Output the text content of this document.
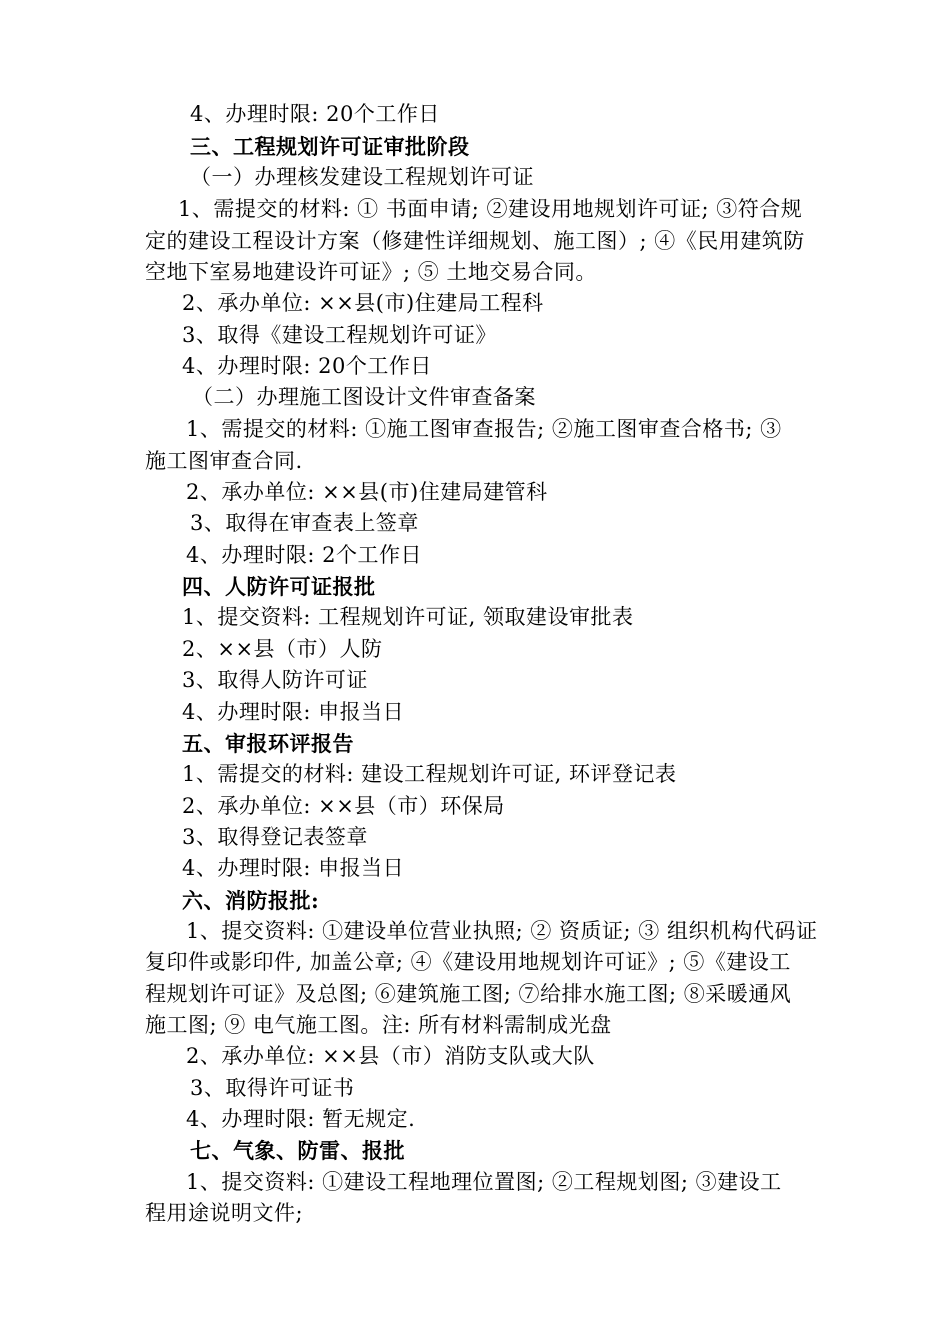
4、办理时限: 20个工作日
三、工程规划许可证审批阶段
（一）办理核发建设工程规划许可证
1、需提交的材料: ① 书面申请; ②建设用地规划许可证; ③符合规
定的建设工程设计方案（修建性详细规划、施工图）; ④《民用建筑防
空地下室易地建设许可证》; ⑤ 土地交易合同。
2、承办单位: ××县(市)住建局工程科
3、取得《建设工程规划许可证》
4、办理时限: 20个工作日
（二）办理施工图设计文件审查备案
1、需提交的材料: ①施工图审查报告; ②施工图审查合格书; ③
施工图审查合同.
2、承办单位: ××县(市)住建局建管科
3、取得在审查表上签章
4、办理时限: 2个工作日
四、人防许可证报批
1、提交资料: 工程规划许可证, 领取建设审批表
2、××县（市）人防
3、取得人防许可证
4、办理时限: 申报当日
五、审报环评报告
1、需提交的材料: 建设工程规划许可证, 环评登记表
2、承办单位: ××县（市）环保局
3、取得登记表签章
4、办理时限: 申报当日
六、消防报批:
1、提交资料: ①建设单位营业执照; ② 资质证; ③ 组织机构代码证
复印件或影印件, 加盖公章; ④《建设用地规划许可证》; ⑤《建设工
程规划许可证》及总图; ⑥建筑施工图; ⑦给排水施工图; ⑧采暖通风
施工图; ⑨ 电气施工图。注: 所有材料需制成光盘
2、承办单位: ××县（市）消防支队或大队
3、取得许可证书
4、办理时限: 暂无规定.
七、气象、防雷、报批
1、提交资料: ①建设工程地理位置图; ②工程规划图; ③建设工
程用途说明文件;
